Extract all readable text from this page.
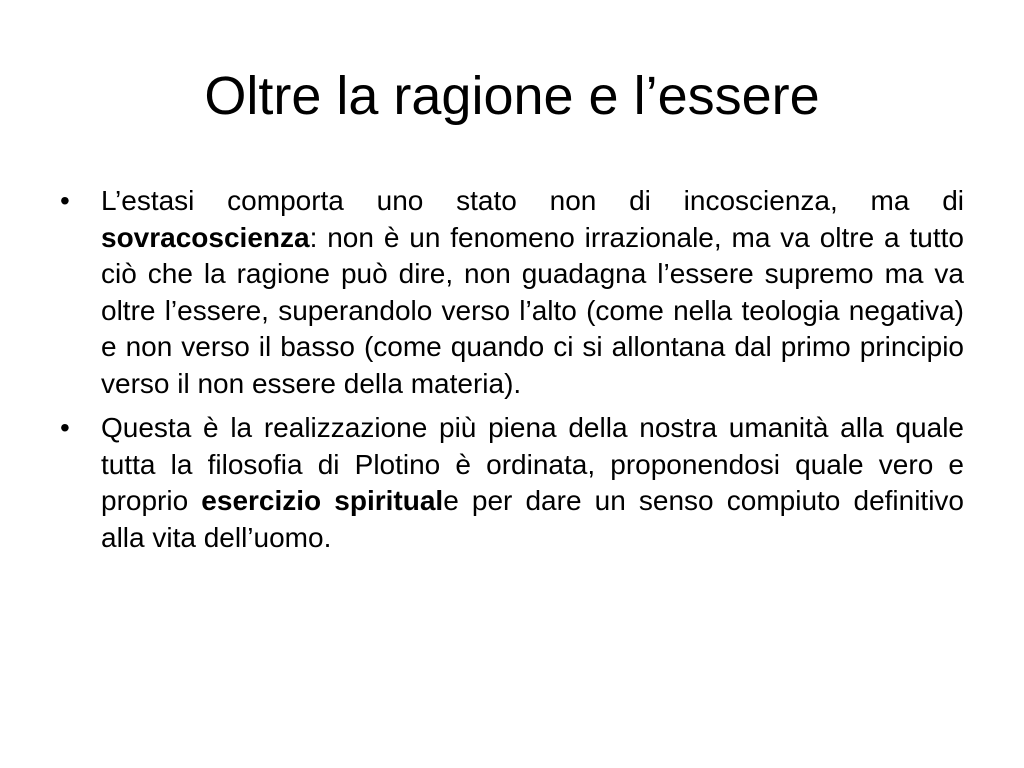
Oltre la ragione e l’essere
•	L’estasi comporta uno stato non di incoscienza, ma di sovracoscienza: non è un fenomeno irrazionale, ma va oltre a tutto ciò che la ragione può dire, non guadagna l’essere supremo ma va oltre l’essere, superandolo verso l’alto (come nella teologia negativa) e non verso il basso (come quando ci si allontana dal primo principio verso il non essere della materia).
•	Questa è la realizzazione più piena della nostra umanità alla quale tutta la filosofia di Plotino è ordinata, proponendosi quale vero e proprio esercizio spirituale per dare un senso compiuto definitivo alla vita dell’uomo.
